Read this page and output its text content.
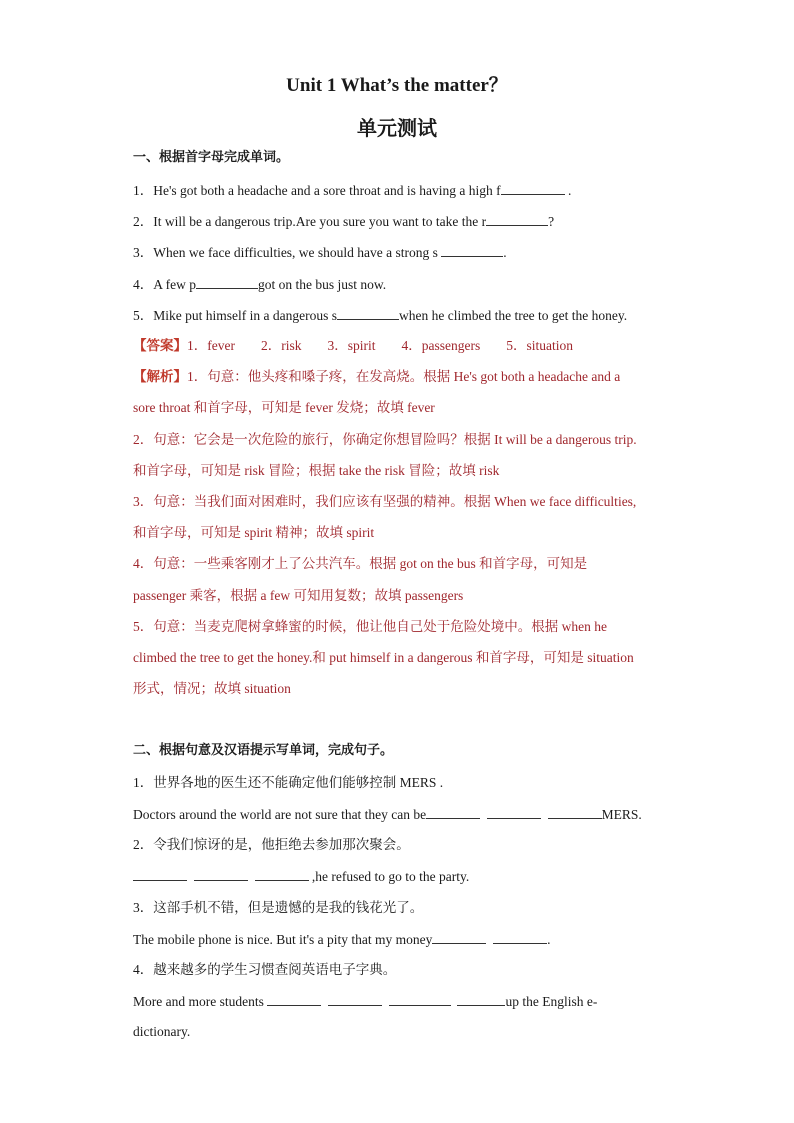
Unit 1 What’s the matter？
单元测试
一、根据首字母完成单词。
1．He's got both a headache and a sore throat and is having a high f	.
2．It will be a dangerous trip.Are you sure you want to take the r	?
3．When we face difficulties, we should have a strong s	.
4．A few p	got on the bus just now.
5．Mike put himself in a dangerous s	when he climbed the tree to get the honey.
【答案】1．fever 2．risk 3．spirit 4．passengers 5．situation
【解析】1．句意：他头疼和嗓子疼，在发高烧。根据 He's got both a headache and a
sore throat 和首字母，可知是 fever 发烧；故填 fever
2．句意：它会是一次危险的旅行，你确定你想冒险吗？根据 It will be a dangerous trip.
和首字母，可知是 risk 冒险；根据 take the risk 冒险；故填 risk
3．句意：当我们面对困难时，我们应该有坚强的精神。根据 When we face difficulties,
和首字母，可知是 spirit 精神；故填 spirit
4．句意：一些乘客刚才上了公共汽车。根据 got on the bus 和首字母，可知是
passenger 乘客，根据 a few 可知用复数；故填 passengers
5．句意：当麦克爬树拿蜂蜜的时候，他让他自己处于危险处境中。根据 when he
climbed the tree to get the honey.和 put himself in a dangerous 和首字母，可知是 situation
形式，情况；故填 situation
二、根据句意及汉语提示写单词，完成句子。
1．世界各地的医生还不能确定他们能够控制 MERS .
Doctors around the world are not sure that they can be	MERS.
2．令我们惊讶的是，他拒绝去参加那次聚会。
,he refused to go to the party.
3．这部手机不错，但是遗憾的是我的钱花光了。
The mobile phone is nice. But it's a pity that my money	.
4．越来越多的学生习惯查阅英语电子字典。
More and more students	up the English e-
dictionary.
